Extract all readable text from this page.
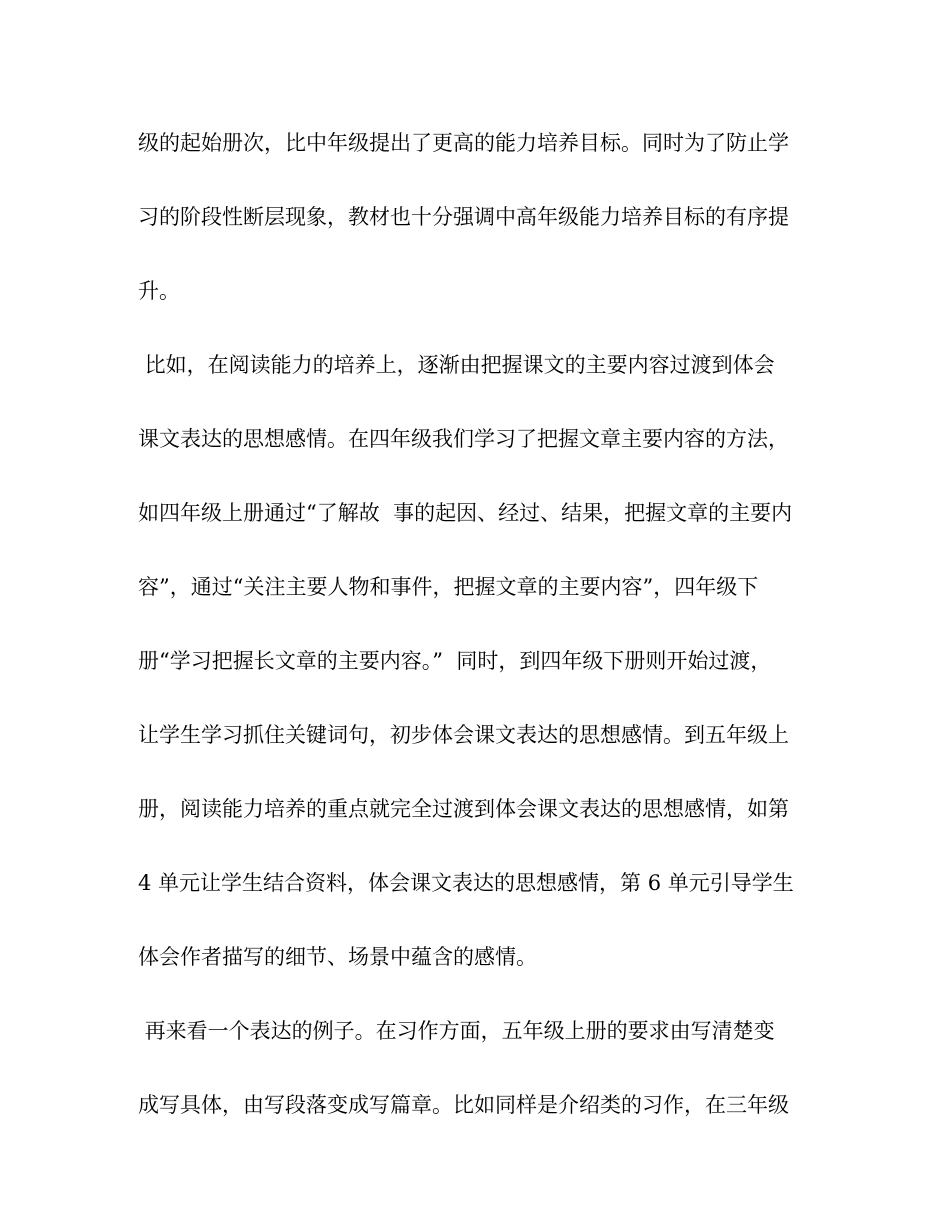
级的起始册次，比中年级提出了更高的能力培养目标。同时为了防止学
习的阶段性断层现象，教材也十分强调中高年级能力培养目标的有序提
升。
比如，在阅读能力的培养上，逐渐由把握课文的主要内容过渡到体会
课文表达的思想感情。在四年级我们学习了把握文章主要内容的方法，
如四年级上册通过“了解故  事的起因、经过、结果，把握文章的主要内
容”，通过“关注主要人物和事件，把握文章的主要内容”，四年级下
册“学习把握长文章的主要内容。”  同时，到四年级下册则开始过渡，
让学生学习抓住关键词句，初步体会课文表达的思想感情。到五年级上
册，阅读能力培养的重点就完全过渡到体会课文表达的思想感情，如第
4 单元让学生结合资料，体会课文表达的思想感情，第 6 单元引导学生
体会作者描写的细节、场景中蕴含的感情。
再来看一个表达的例子。在习作方面，五年级上册的要求由写清楚变
成写具体，由写段落变成写篇章。比如同样是介绍类的习作，在三年级
